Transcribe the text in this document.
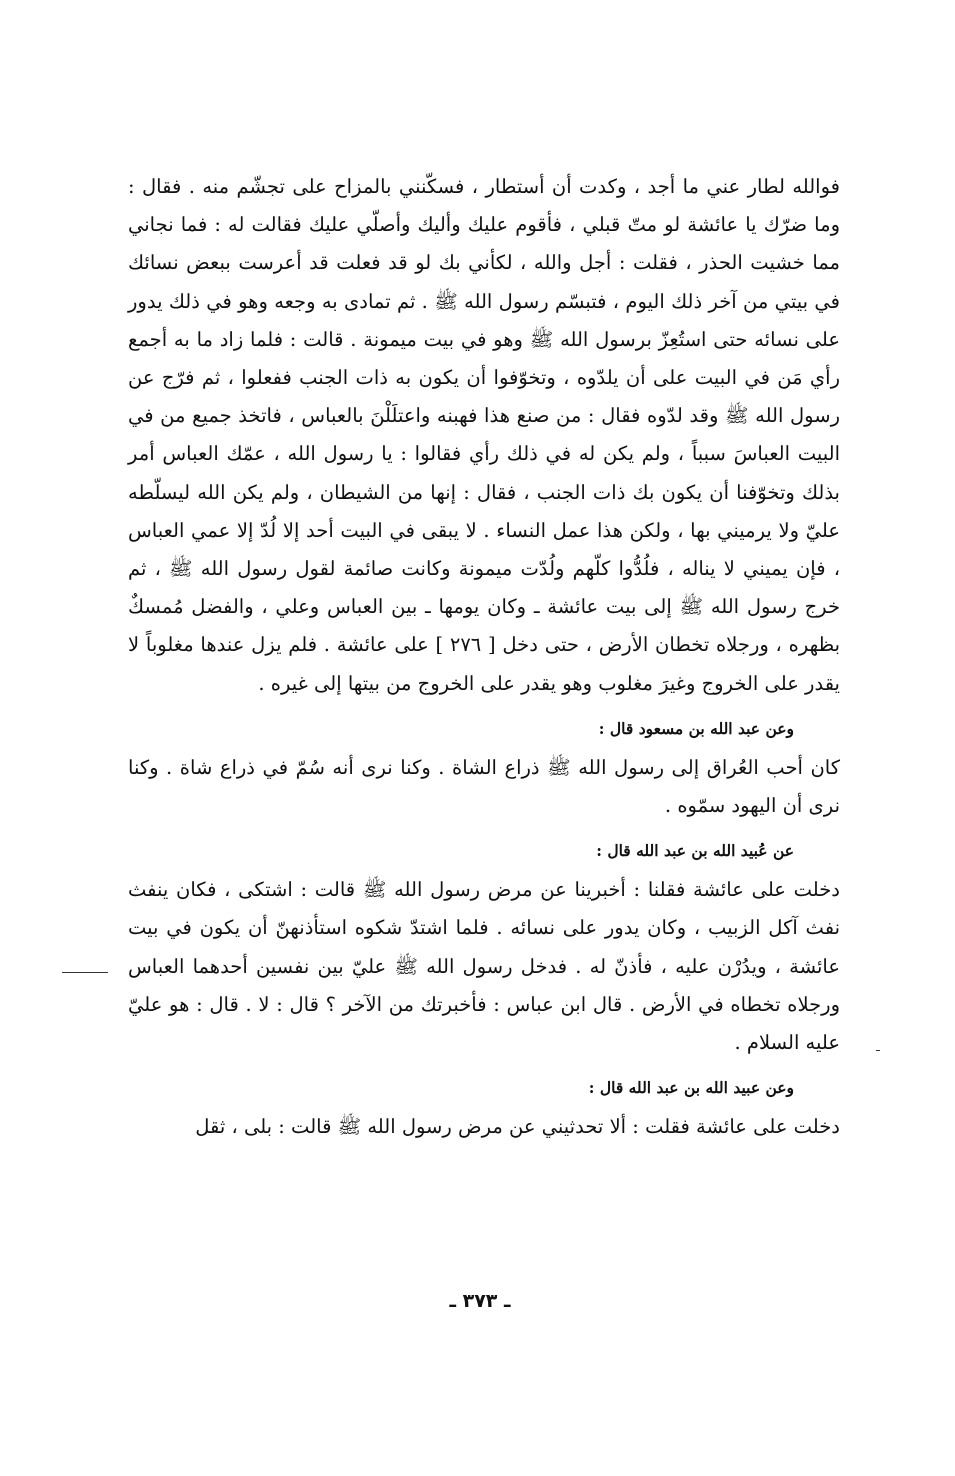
فوالله لطار عني ما أجد ، وكدت أن أستطار ، فسكّنني بالمزاح على تجشّم منه . فقال : وما ضرّك يا عائشة لو متّ قبلي ، فأقوم عليك وأليك وأصلّي عليك فقالت له : فما نجاني مما خشيت الحذر ، فقلت : أجل والله ، لكأني بك لو قد فعلت قد أعرست ببعض نسائك في بيتي من آخر ذلك اليوم ، فتبسّم رسول الله ﷺ . ثم تمادى به وجعه وهو في ذلك يدور على نسائه حتى استُعِزّ برسول الله ﷺ وهو في بيت ميمونة . قالت : فلما زاد ما به أجمع رأي مَن في البيت على أن يلدّوه ، وتخوّفوا أن يكون به ذات الجنب ففعلوا ، ثم فرّج عن رسول الله ﷺ وقد لدّوه فقال : من صنع هذا فهبنه واعتلَلْنَ بالعباس ، فاتخذ جميع من في البيت العباسَ سبباً ، ولم يكن له في ذلك رأي فقالوا : يا رسول الله ، عمّك العباس أمر بذلك وتخوّفنا أن يكون بك ذات الجنب ، فقال : إنها من الشيطان ، ولم يكن الله ليسلّطه عليّ ولا يرميني بها ، ولكن هذا عمل النساء . لا يبقى في البيت أحد إلا لُدّ إلا عمي العباس ، فإن يميني لا يناله ، فلُدُّوا كلّهم ولُدّت ميمونة وكانت صائمة لقول رسول الله ﷺ ، ثم خرج رسول الله ﷺ إلى بيت عائشة ـ وكان يومها ـ بين العباس وعلي ، والفضل مُمسكٌ بظهره ، ورجلاه تخطان الأرض ، حتى دخل [ ٢٧٦ ] على عائشة . فلم يزل عندها مغلوباً لا يقدر على الخروج وغيرَ مغلوب وهو يقدر على الخروج من بيتها إلى غيره .

وعن عبد الله بن مسعود قال :

كان أحب العُراق إلى رسول الله ﷺ ذراع الشاة . وكنا نرى أنه سُمّ في ذراع شاة . وكنا نرى أن اليهود سمّوه .

عن عُبيد الله بن عبد الله قال :

دخلت على عائشة فقلنا : أخبرينا عن مرض رسول الله ﷺ قالت : اشتكى ، فكان ينفث نفث آكل الزبيب ، وكان يدور على نسائه . فلما اشتدّ شكوه استأذنهنّ أن يكون في بيت عائشة ، ويدُرْن عليه ، فأذنّ له . فدخل رسول الله ﷺ عليّ بين نفسين أحدهما العباس ورجلاه تخطاه في الأرض . قال ابن عباس : فأخبرتك من الآخر ؟ قال : لا . قال : هو عليّ عليه السلام .

وعن عبيد الله بن عبد الله قال :

دخلت على عائشة فقلت : ألا تحدثيني عن مرض رسول الله ﷺ قالت : بلى ، ثقل

ـ ٣٧٣ ـ
